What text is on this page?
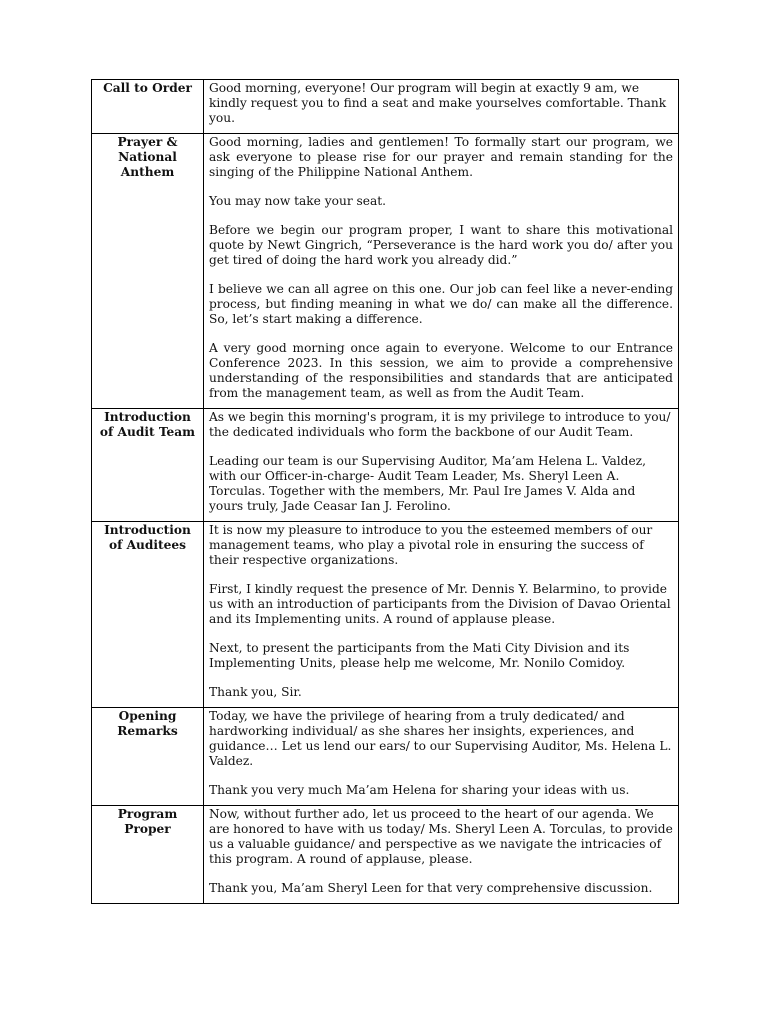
Call to Order	Good morning, everyone! Our program will begin at exactly 9 am, we kindly request you to find a seat and make yourselves comfortable. Thank you.

Prayer & National Anthem	Good morning, ladies and gentlemen! To formally start our program, we ask everyone to please rise for our prayer and remain standing for the singing of the Philippine National Anthem.

You may now take your seat.

Before we begin our program proper, I want to share this motivational quote by Newt Gingrich, “Perseverance is the hard work you do/ after you get tired of doing the hard work you already did.”

I believe we can all agree on this one. Our job can feel like a never-ending process, but finding meaning in what we do/ can make all the difference. So, let’s start making a difference.

A very good morning once again to everyone. Welcome to our Entrance Conference 2023. In this session, we aim to provide a comprehensive understanding of the responsibilities and standards that are anticipated from the management team, as well as from the Audit Team.

Introduction of Audit Team	As we begin this morning's program, it is my privilege to introduce to you/ the dedicated individuals who form the backbone of our Audit Team.

Leading our team is our Supervising Auditor, Ma’am Helena L. Valdez, with our Officer-in-charge- Audit Team Leader, Ms. Sheryl Leen A. Torculas. Together with the members, Mr. Paul Ire James V. Alda and yours truly, Jade Ceasar Ian J. Ferolino.

Introduction of Auditees	It is now my pleasure to introduce to you the esteemed members of our management teams, who play a pivotal role in ensuring the success of their respective organizations.

First, I kindly request the presence of Mr. Dennis Y. Belarmino, to provide us with an introduction of participants from the Division of Davao Oriental and its Implementing units. A round of applause please.

Next, to present the participants from the Mati City Division and its Implementing Units, please help me welcome, Mr. Nonilo Comidoy.

Thank you, Sir.

Opening Remarks	Today, we have the privilege of hearing from a truly dedicated/ and hardworking individual/ as she shares her insights, experiences, and guidance… Let us lend our ears/ to our Supervising Auditor, Ms. Helena L. Valdez.

Thank you very much Ma’am Helena for sharing your ideas with us.

Program Proper	Now, without further ado, let us proceed to the heart of our agenda. We are honored to have with us today/ Ms. Sheryl Leen A. Torculas, to provide us a valuable guidance/ and perspective as we navigate the intricacies of this program. A round of applause, please.

Thank you, Ma’am Sheryl Leen for that very comprehensive discussion.
